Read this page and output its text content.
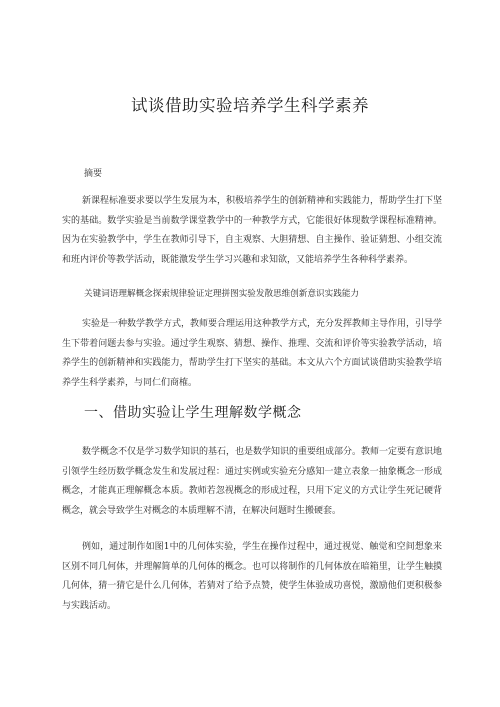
试谈借助实验培养学生科学素养
摘要

新课程标准要求要以学生发展为本，积极培养学生的创新精神和实践能力，帮助学生打下坚实的基础。数学实验是当前数学课堂教学中的一种教学方式，它能很好体现数学课程标准精神。因为在实验教学中，学生在教师引导下，自主观察、大胆猜想、自主操作、验证猜想、小组交流和班内评价等教学活动，既能激发学生学习兴趣和求知欲，又能培养学生各种科学素养。

关键词语理解概念探索规律验证定理拼图实验发散思维创新意识实践能力

实验是一种数学教学方式，教师要合理运用这种教学方式，充分发挥教师主导作用，引导学生下带着问题去参与实验。通过学生观察、猜想、操作、推理、交流和评价等实验教学活动，培养学生的创新精神和实践能力，帮助学生打下坚实的基础。本文从六个方面试谈借助实验教学培养学生科学素养，与同仁们商榷。

一、借助实验让学生理解数学概念

数学概念不仅是学习数学知识的基石，也是数学知识的重要组成部分。教师一定要有意识地引领学生经历数学概念发生和发展过程：通过实例或实验充分感知一建立表象一抽象概念一形成概念，才能真正理解概念本质。教师若忽视概念的形成过程，只用下定义的方式让学生死记硬背概念，就会导致学生对概念的本质理解不清，在解决问题时生搬硬套。

例如，通过制作如图1中的几何体实验，学生在操作过程中，通过视觉、触觉和空间想象来区别不同几何体，并理解简单的几何体的概念。也可以将制作的几何体放在暗箱里，让学生触摸几何体，猜一猜它是什么几何体，若猜对了给予点赞，使学生体验成功喜悦，激励他们更积极参与实践活动。
